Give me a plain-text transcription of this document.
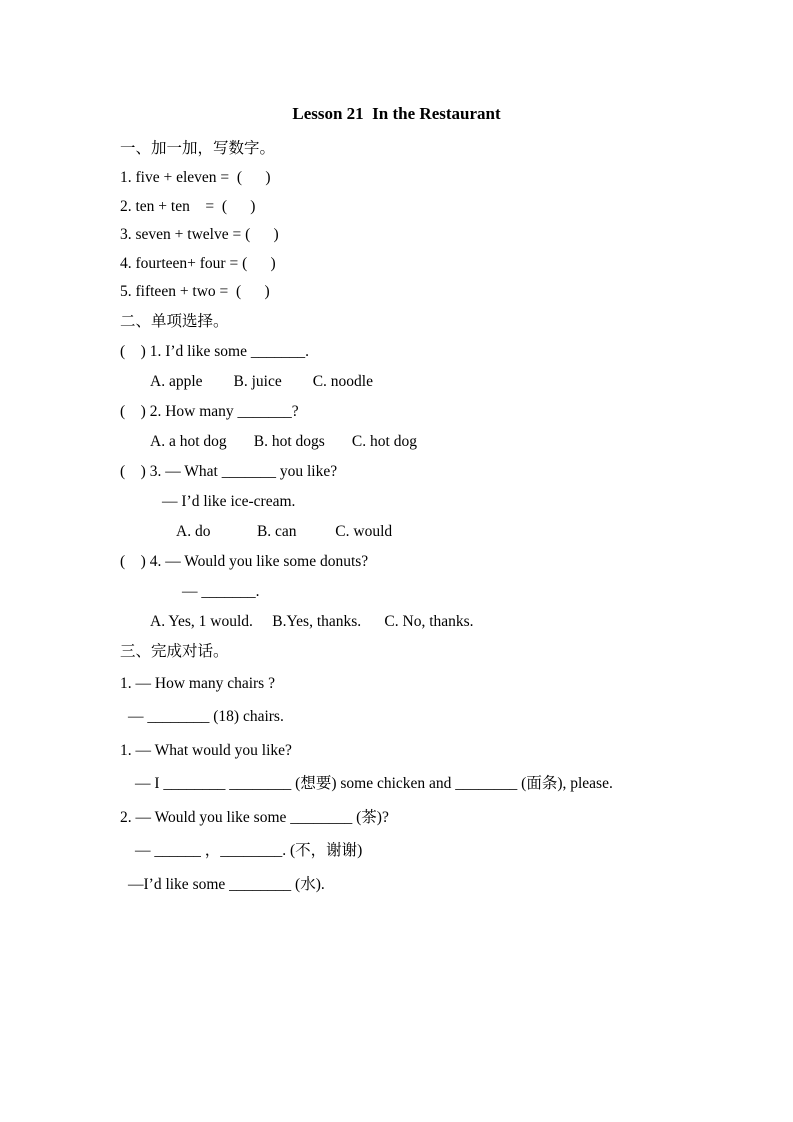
Lesson 21  In the Restaurant
一、加一加，写数字。
1. five + eleven =  (      )
2. ten + ten    =  (      )
3. seven + twelve = (      )
4. fourteen+ four = (      )
5. fifteen + two =  (      )
二、单项选择。
(    ) 1. I’d like some _______.
A. apple        B. juice        C. noodle
(    ) 2. How many _______?
A. a hot dog       B. hot dogs       C. hot dog
(    ) 3. — What _______ you like?
— I’d like ice-cream.
A. do            B. can          C. would
(    ) 4. — Would you like some donuts?
— _______.
A. Yes, 1 would.     B.Yes, thanks.      C. No, thanks.
三、完成对话。
1. — How many chairs ?
— ________ (18) chairs.
1. — What would you like?
— I ________ ________ (想要) some chicken and ________ (面条), please.
2. — Would you like some ________ (茶)?
— ______ ，________. (不，谢谢)
—I’d like some ________ (水).
